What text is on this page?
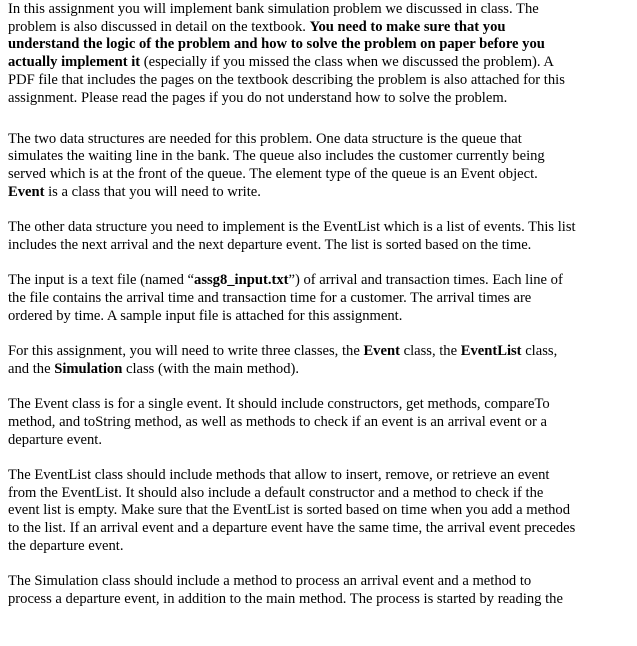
In this assignment you will implement bank simulation problem we discussed in class. The
problem is also discussed in detail on the textbook. You need to make sure that you
understand the logic of the problem and how to solve the problem on paper before you
actually implement it (especially if you missed the class when we discussed the problem). A
PDF file that includes the pages on the textbook describing the problem is also attached for this
assignment. Please read the pages if you do not understand how to solve the problem.
The two data structures are needed for this problem. One data structure is the queue that
simulates the waiting line in the bank. The queue also includes the customer currently being
served which is at the front of the queue. The element type of the queue is an Event object.
Event is a class that you will need to write.
The other data structure you need to implement is the EventList which is a list of events. This list
includes the next arrival and the next departure event. The list is sorted based on the time.
The input is a text file (named “assg8_input.txt”) of arrival and transaction times. Each line of
the file contains the arrival time and transaction time for a customer. The arrival times are
ordered by time. A sample input file is attached for this assignment.
For this assignment, you will need to write three classes, the Event class, the EventList class,
and the Simulation class (with the main method).
The Event class is for a single event. It should include constructors, get methods, compareTo
method, and toString method, as well as methods to check if an event is an arrival event or a
departure event.
The EventList class should include methods that allow to insert, remove, or retrieve an event
from the EventList. It should also include a default constructor and a method to check if the
event list is empty. Make sure that the EventList is sorted based on time when you add a method
to the list. If an arrival event and a departure event have the same time, the arrival event precedes
the departure event.
The Simulation class should include a method to process an arrival event and a method to
process a departure event, in addition to the main method. The process is started by reading the
